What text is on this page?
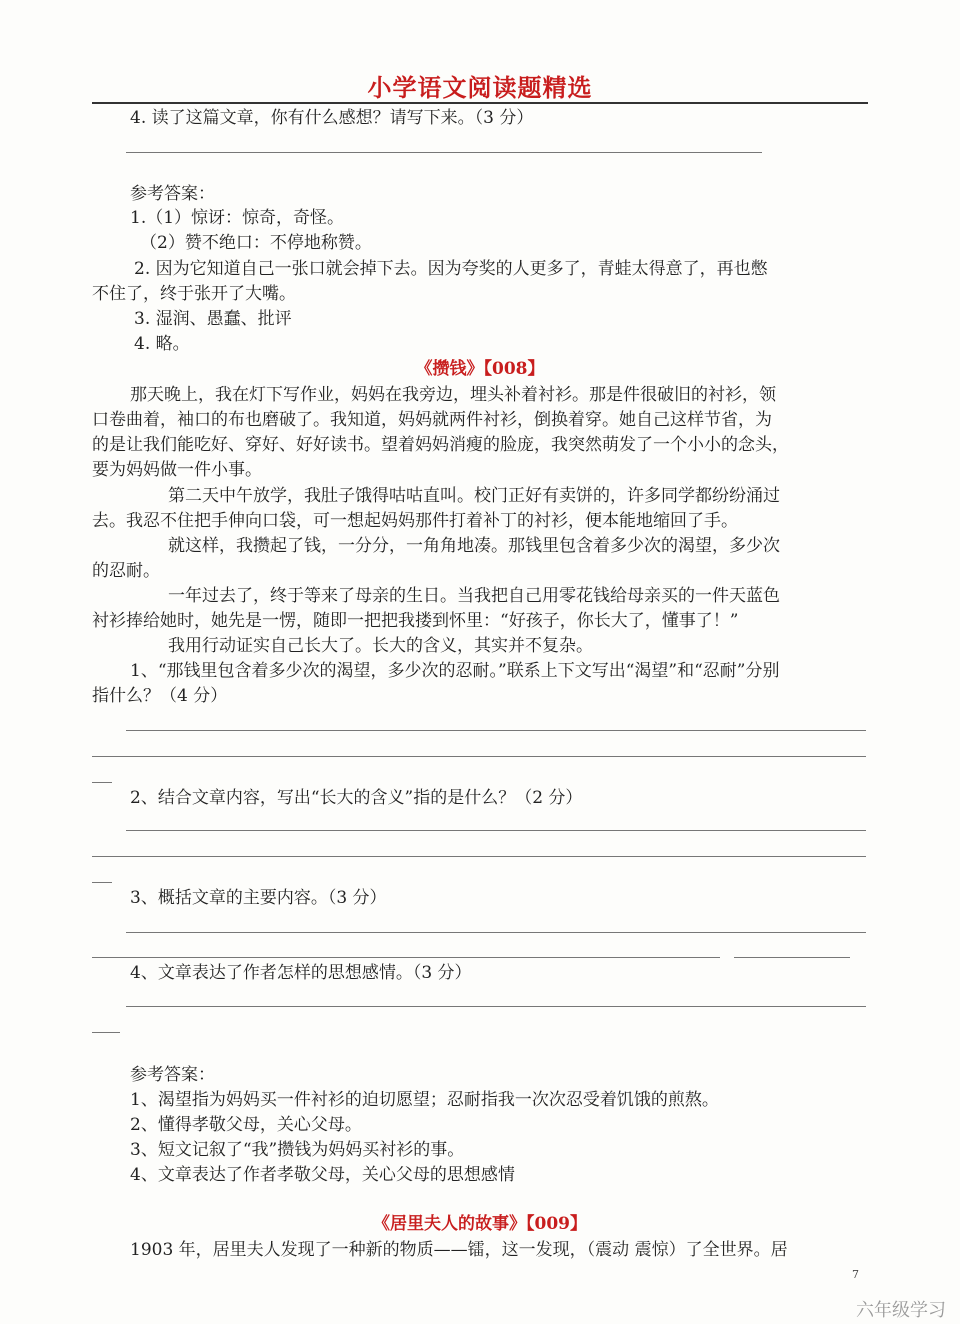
小学语文阅读题精选
4. 读了这篇文章，你有什么感想？请写下来。（3 分）
参考答案：
1.（1）惊讶：惊奇，奇怪。
（2）赞不绝口：不停地称赞。
2. 因为它知道自己一张口就会掉下去。因为夸奖的人更多了，青蛙太得意了，再也憋
不住了，终于张开了大嘴。
3. 湿润、愚蠢、批评
4. 略。
《攒钱》【008】
那天晚上，我在灯下写作业，妈妈在我旁边，埋头补着衬衫。那是件很破旧的衬衫，领
口卷曲着，袖口的布也磨破了。我知道，妈妈就两件衬衫，倒换着穿。她自己这样节省，为
的是让我们能吃好、穿好、好好读书。望着妈妈消瘦的脸庞，我突然萌发了一个小小的念头，
要为妈妈做一件小事。
第二天中午放学，我肚子饿得咕咕直叫。校门正好有卖饼的，许多同学都纷纷涌过
去。我忍不住把手伸向口袋，可一想起妈妈那件打着补丁的衬衫，便本能地缩回了手。
就这样，我攒起了钱，一分分，一角角地凑。那钱里包含着多少次的渴望，多少次
的忍耐。
一年过去了，终于等来了母亲的生日。当我把自己用零花钱给母亲买的一件天蓝色
衬衫捧给她时，她先是一愣，随即一把把我搂到怀里：“好孩子，你长大了，懂事了！”
我用行动证实自己长大了。长大的含义，其实并不复杂。
1、“那钱里包含着多少次的渴望，多少次的忍耐。”联系上下文写出“渴望”和“忍耐”分别
指什么？（4 分）
2、结合文章内容，写出“长大的含义”指的是什么？（2 分）
3、概括文章的主要内容。（3 分）
4、文章表达了作者怎样的思想感情。（3 分）
参考答案：
1、渴望指为妈妈买一件衬衫的迫切愿望；忍耐指我一次次忍受着饥饿的煎熬。
2、懂得孝敬父母，关心父母。
3、短文记叙了“我”攒钱为妈妈买衬衫的事。
4、文章表达了作者孝敬父母，关心父母的思想感情
《居里夫人的故事》【009】
1903 年，居里夫人发现了一种新的物质——镭，这一发现，（震动 震惊）了全世界。居
7
六年级学习
